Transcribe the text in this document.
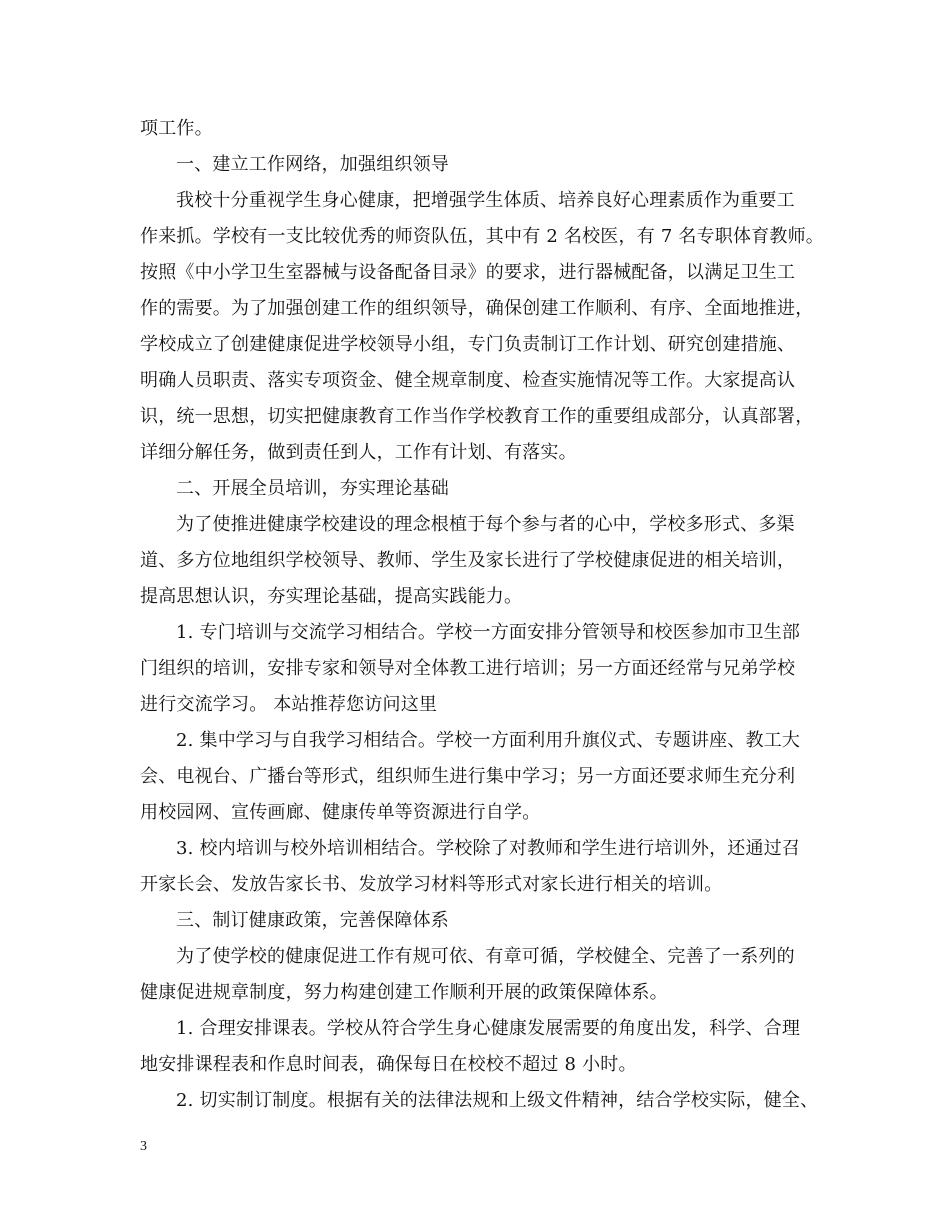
项工作。
一、建立工作网络，加强组织领导
我校十分重视学生身心健康，把增强学生体质、培养良好心理素质作为重要工
作来抓。学校有一支比较优秀的师资队伍，其中有 2 名校医，有 7 名专职体育教师。
按照《中小学卫生室器械与设备配备目录》的要求，进行器械配备，以满足卫生工
作的需要。为了加强创建工作的组织领导，确保创建工作顺利、有序、全面地推进，
学校成立了创建健康促进学校领导小组，专门负责制订工作计划、研究创建措施、
明确人员职责、落实专项资金、健全规章制度、检查实施情况等工作。大家提高认
识，统一思想，切实把健康教育工作当作学校教育工作的重要组成部分，认真部署，
详细分解任务，做到责任到人，工作有计划、有落实。
二、开展全员培训，夯实理论基础
为了使推进健康学校建设的理念根植于每个参与者的心中，学校多形式、多渠
道、多方位地组织学校领导、教师、学生及家长进行了学校健康促进的相关培训，
提高思想认识，夯实理论基础，提高实践能力。
1. 专门培训与交流学习相结合。学校一方面安排分管领导和校医参加市卫生部
门组织的培训，安排专家和领导对全体教工进行培训；另一方面还经常与兄弟学校
进行交流学习。 本站推荐您访问这里
2. 集中学习与自我学习相结合。学校一方面利用升旗仪式、专题讲座、教工大
会、电视台、广播台等形式，组织师生进行集中学习；另一方面还要求师生充分利
用校园网、宣传画廊、健康传单等资源进行自学。
3. 校内培训与校外培训相结合。学校除了对教师和学生进行培训外，还通过召
开家长会、发放告家长书、发放学习材料等形式对家长进行相关的培训。
三、制订健康政策，完善保障体系
为了使学校的健康促进工作有规可依、有章可循，学校健全、完善了一系列的
健康促进规章制度，努力构建创建工作顺利开展的政策保障体系。
1. 合理安排课表。学校从符合学生身心健康发展需要的角度出发，科学、合理
地安排课程表和作息时间表，确保每日在校校不超过 8 小时。
2. 切实制订制度。根据有关的法律法规和上级文件精神，结合学校实际，健全、
3
